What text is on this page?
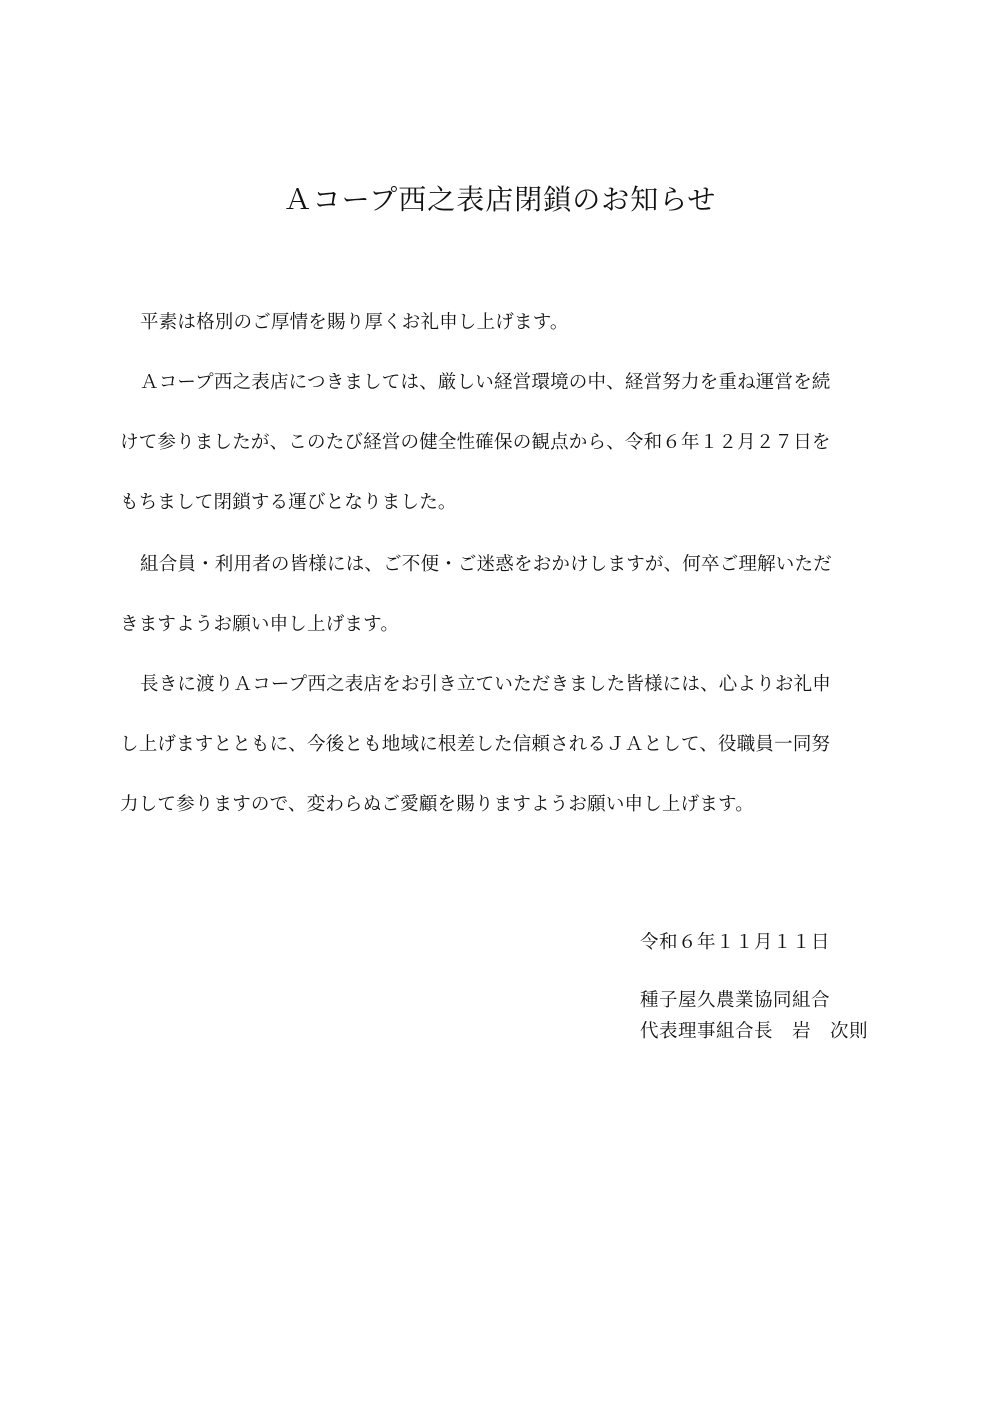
Ａコープ西之表店閉鎖のお知らせ
平素は格別のご厚情を賜り厚くお礼申し上げます。
Ａコープ西之表店につきましては、厳しい経営環境の中、経営努力を重ね運営を続
けて参りましたが、このたび経営の健全性確保の観点から、令和６年１２月２７日を
もちまして閉鎖する運びとなりました。
組合員・利用者の皆様には、ご不便・ご迷惑をおかけしますが、何卒ご理解いただ
きますようお願い申し上げます。
長きに渡りＡコープ西之表店をお引き立ていただきました皆様には、心よりお礼申
し上げますとともに、今後とも地域に根差した信頼されるＪＡとして、役職員一同努
力して参りますので、変わらぬご愛顧を賜りますようお願い申し上げます。
令和６年１１月１１日
種子屋久農業協同組合
代表理事組合長　岩　次則
